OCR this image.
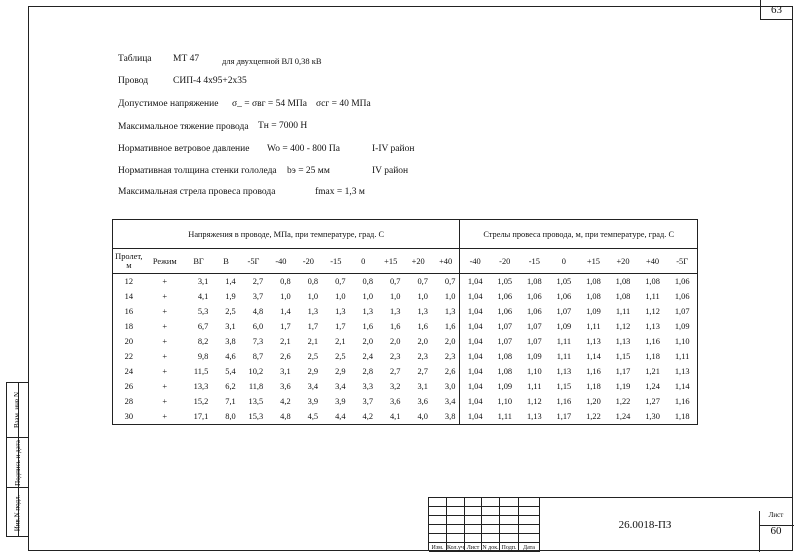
63
Таблица МТ 47	для двухцепной ВЛ 0,38 кВ
Провод	СИП-4 4х95+2х35
Допустимое напряжение σ_ = σвг = 54 МПа σcг = 40 МПа
Максимальное тяжение провода Тн = 7000 Н
Нормативное ветровое давление Wo = 400 - 800 Па	I-IV район
Нормативная толщина стенки гололеда bэ = 25 мм	IV район
Максимальная стрела провеса провода	fmax = 1,3 м
Напряжения в проводе, МПа, при температуре, град. С												Стрелы провеса провода, м, при температуре, град. С							
Пролет,
м	Режим	ВГ	В	-5Г	-40	-20	-15	0	+15	+20	+40	-40	-20	-15	0	+15	+20	+40	-5Г
12	+	3,1	1,4	2,7	0,8	0,8	0,7	0,8	0,7	0,7	0,7	1,04	1,05	1,08	1,05	1,08	1,08	1,08	1,06
14	+	4,1	1,9	3,7	1,0	1,0	1,0	1,0	1,0	1,0	1,0	1,04	1,06	1,06	1,06	1,08	1,08	1,11	1,06
16	+	5,3	2,5	4,8	1,4	1,3	1,3	1,3	1,3	1,3	1,3	1,04	1,06	1,06	1,07	1,09	1,11	1,12	1,07
18	+	6,7	3,1	6,0	1,7	1,7	1,7	1,6	1,6	1,6	1,6	1,04	1,07	1,07	1,09	1,11	1,12	1,13	1,09
20	+	8,2	3,8	7,3	2,1	2,1	2,1	2,0	2,0	2,0	2,0	1,04	1,07	1,07	1,11	1,13	1,13	1,16	1,10
22	+	9,8	4,6	8,7	2,6	2,5	2,5	2,4	2,3	2,3	2,3	1,04	1,08	1,09	1,11	1,14	1,15	1,18	1,11
24	+	11,5	5,4	10,2	3,1	2,9	2,9	2,8	2,7	2,7	2,6	1,04	1,08	1,10	1,13	1,16	1,17	1,21	1,13
26	+	13,3	6,2	11,8	3,6	3,4	3,4	3,3	3,2	3,1	3,0	1,04	1,09	1,11	1,15	1,18	1,19	1,24	1,14
28	+	15,2	7,1	13,5	4,2	3,9	3,9	3,7	3,6	3,6	3,4	1,04	1,10	1,12	1,16	1,20	1,22	1,27	1,16
30	+	17,1	8,0	15,3	4,8	4,5	4,4	4,2	4,1	4,0	3,8	1,04	1,11	1,13	1,17	1,22	1,24	1,30	1,18
Взам. инв.N
Подпись и дата
Инв.N подл.
Изм. Кол.уч Лист N док. Подп.	Дата
26.0018-ПЗ
Лист
60
